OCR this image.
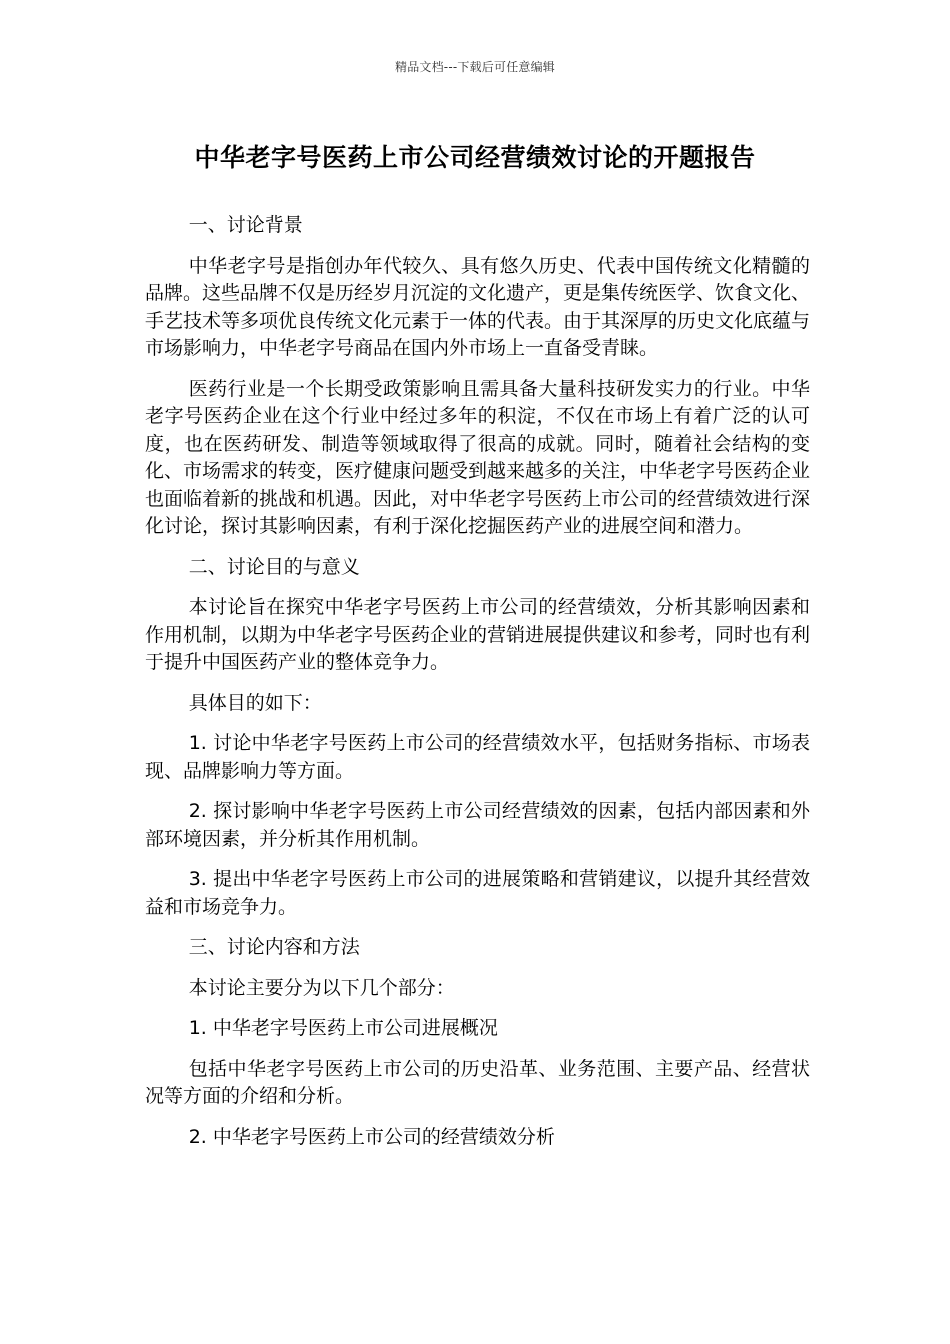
精品文档---下载后可任意编辑
中华老字号医药上市公司经营绩效讨论的开题报告

一、讨论背景

中华老字号是指创办年代较久、具有悠久历史、代表中国传统文化精髓的品牌。这些品牌不仅是历经岁月沉淀的文化遗产，更是集传统医学、饮食文化、手艺技术等多项优良传统文化元素于一体的代表。由于其深厚的历史文化底蕴与市场影响力，中华老字号商品在国内外市场上一直备受青睐。

医药行业是一个长期受政策影响且需具备大量科技研发实力的行业。中华老字号医药企业在这个行业中经过多年的积淀，不仅在市场上有着广泛的认可度，也在医药研发、制造等领域取得了很高的成就。同时，随着社会结构的变化、市场需求的转变，医疗健康问题受到越来越多的关注，中华老字号医药企业也面临着新的挑战和机遇。因此，对中华老字号医药上市公司的经营绩效进行深化讨论，探讨其影响因素，有利于深化挖掘医药产业的进展空间和潜力。

二、讨论目的与意义

本讨论旨在探究中华老字号医药上市公司的经营绩效，分析其影响因素和作用机制，以期为中华老字号医药企业的营销进展提供建议和参考，同时也有利于提升中国医药产业的整体竞争力。

具体目的如下：

1. 讨论中华老字号医药上市公司的经营绩效水平，包括财务指标、市场表现、品牌影响力等方面。

2. 探讨影响中华老字号医药上市公司经营绩效的因素，包括内部因素和外部环境因素，并分析其作用机制。

3. 提出中华老字号医药上市公司的进展策略和营销建议，以提升其经营效益和市场竞争力。

三、讨论内容和方法

本讨论主要分为以下几个部分：

1. 中华老字号医药上市公司进展概况

包括中华老字号医药上市公司的历史沿革、业务范围、主要产品、经营状况等方面的介绍和分析。

2. 中华老字号医药上市公司的经营绩效分析
